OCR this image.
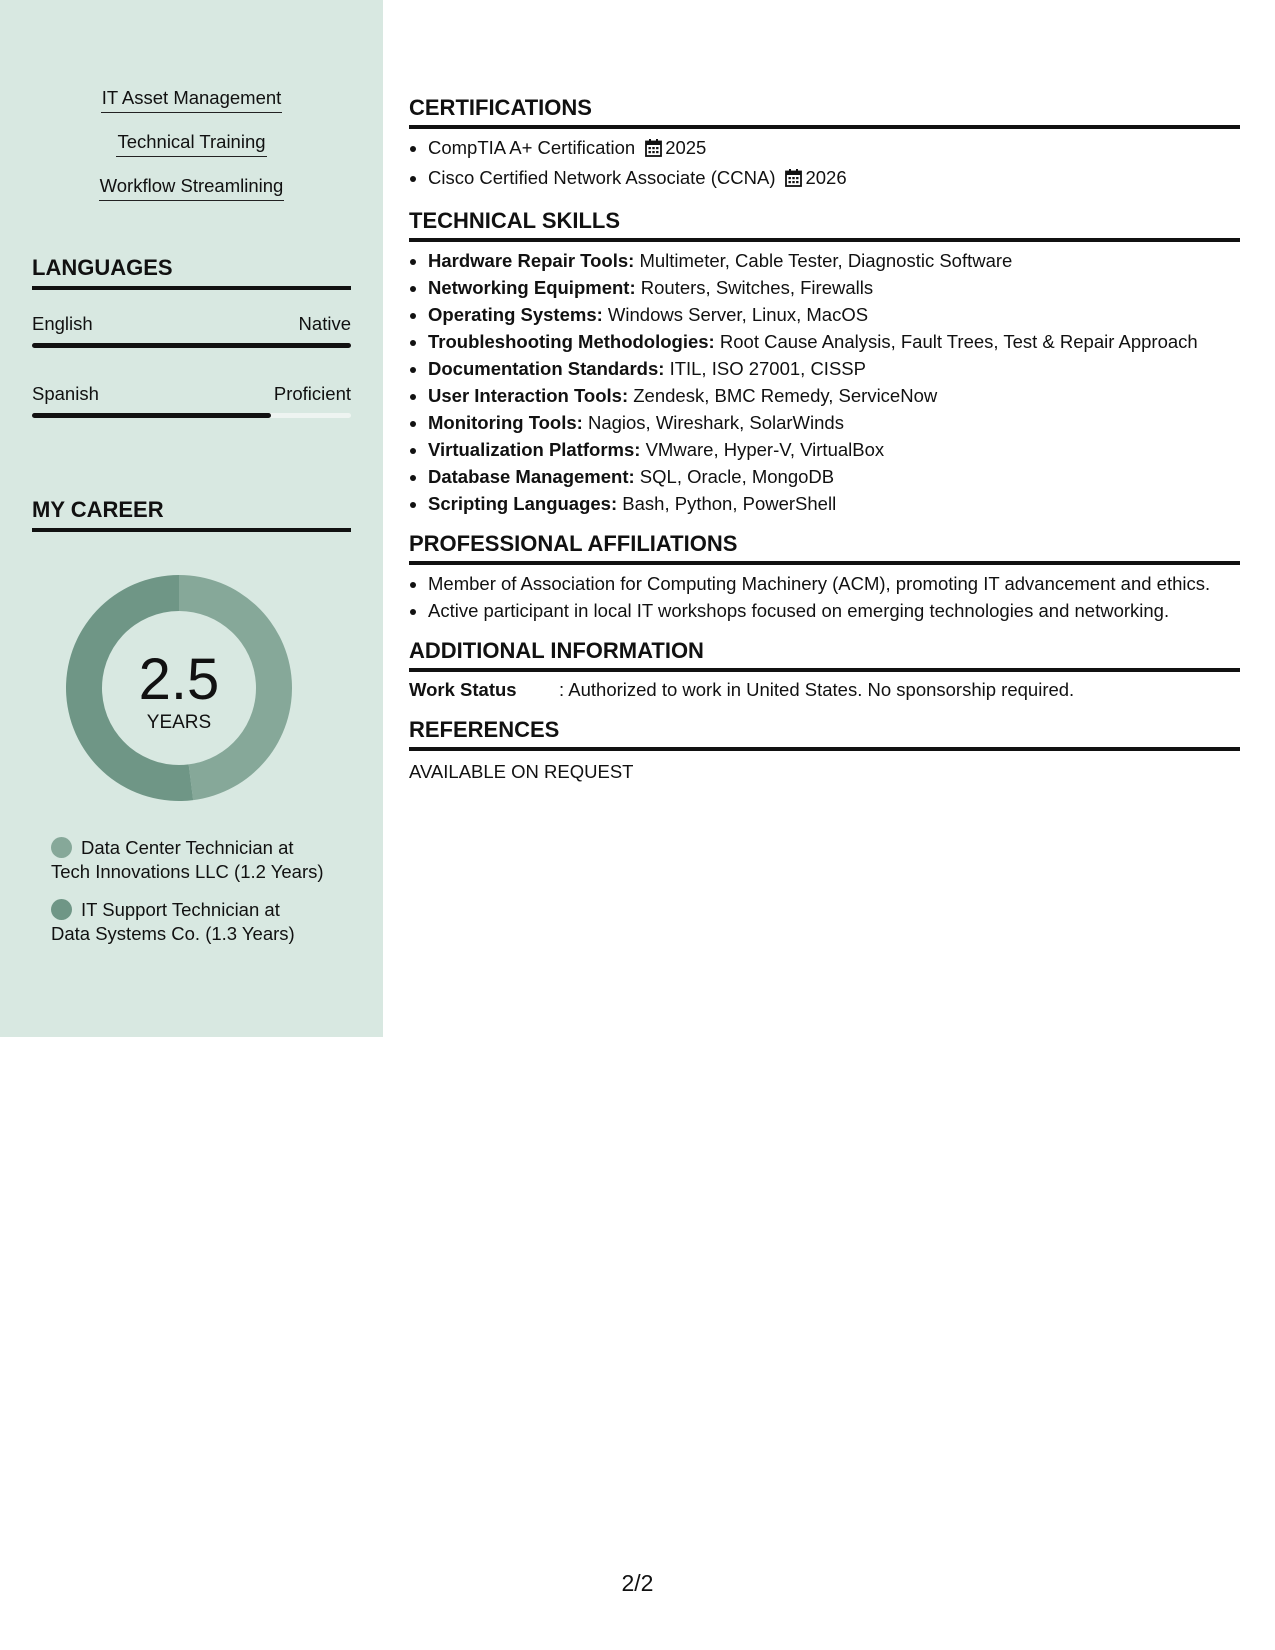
IT Asset Management
Technical Training
Workflow Streamlining
LANGUAGES
English	Native
Spanish	Proficient
MY CAREER
2.5
YEARS
Data Center Technician at
Tech Innovations LLC (1.2 Years)
IT Support Technician at
Data Systems Co. (1.3 Years)
CERTIFICATIONS
• CompTIA A+ Certification 2025
• Cisco Certified Network Associate (CCNA) 2026
TECHNICAL SKILLS
• Hardware Repair Tools: Multimeter, Cable Tester, Diagnostic Software
• Networking Equipment: Routers, Switches, Firewalls
• Operating Systems: Windows Server, Linux, MacOS
• Troubleshooting Methodologies: Root Cause Analysis, Fault Trees, Test & Repair Approach
• Documentation Standards: ITIL, ISO 27001, CISSP
• User Interaction Tools: Zendesk, BMC Remedy, ServiceNow
• Monitoring Tools: Nagios, Wireshark, SolarWinds
• Virtualization Platforms: VMware, Hyper-V, VirtualBox
• Database Management: SQL, Oracle, MongoDB
• Scripting Languages: Bash, Python, PowerShell
PROFESSIONAL AFFILIATIONS
• Member of Association for Computing Machinery (ACM), promoting IT advancement and ethics.
• Active participant in local IT workshops focused on emerging technologies and networking.
ADDITIONAL INFORMATION
Work Status : Authorized to work in United States. No sponsorship required.
REFERENCES
AVAILABLE ON REQUEST
2/2
